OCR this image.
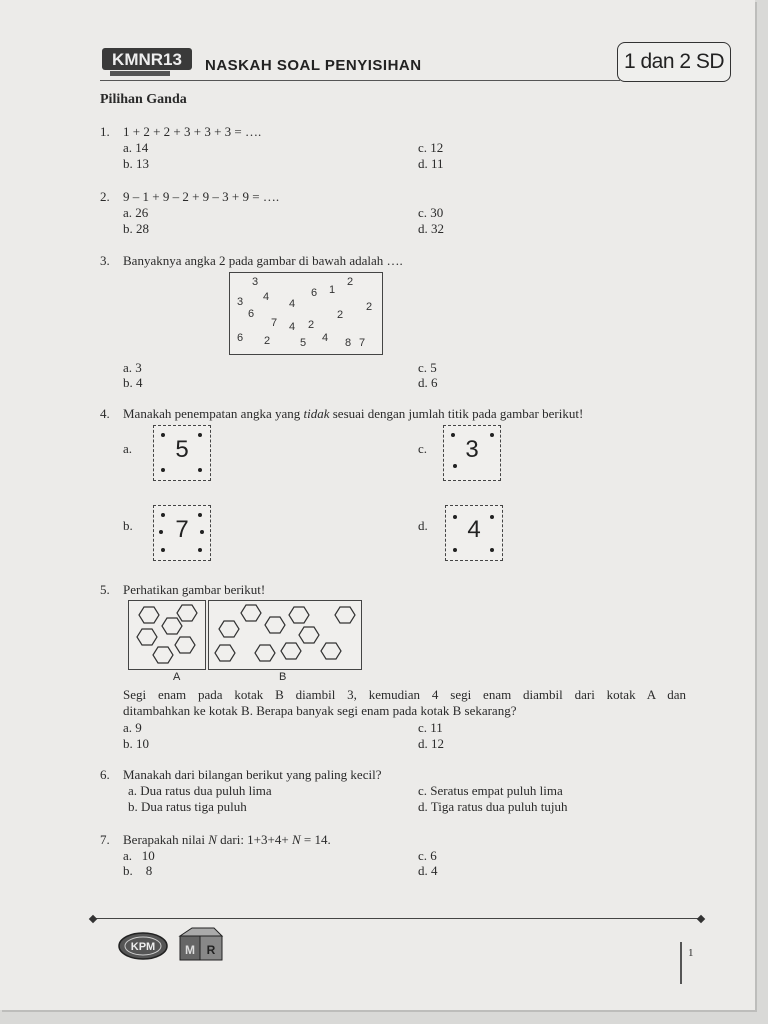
KMNR13 NASKAH SOAL PENYISIHAN	1 dan 2 SD
Pilihan Ganda
1. 1 + 2 + 2 + 3 + 3 + 3 = ….
a. 14
b. 13
c. 12
d. 11
2. 9 – 1 + 9 – 2 + 9 – 3 + 9 = ….
a. 26
b. 28
c. 30
d. 32
3. Banyaknya angka 2 pada gambar di bawah adalah ….
3	2
3 4
4
6 1
2
6	2
7 4 2
6 2	5 4 8 7
a. 3
b. 4
c. 5
d. 6
4. Manakah penempatan angka yang tidak sesuai dengan jumlah titik pada gambar berikut!
a.	5	c.	3
b.	7	d.	4
5. Perhatikan gambar berikut!
A	B
Segi enam pada kotak B diambil 3, kemudian 4 segi enam diambil dari kotak A dan
ditambahkan ke kotak B. Berapa banyak segi enam pada kotak B sekarang?
a. 9
b. 10
c. 11
d. 12
6. Manakah dari bilangan berikut yang paling kecil?
a. Dua ratus dua puluh lima
b. Dua ratus tiga puluh
c. Seratus empat puluh lima
d. Tiga ratus dua puluh tujuh
7. Berapakah nilai N dari: 1+3+4+ N = 14.
a.   10
b.    8
c. 6
d. 4
KPM M R	1
